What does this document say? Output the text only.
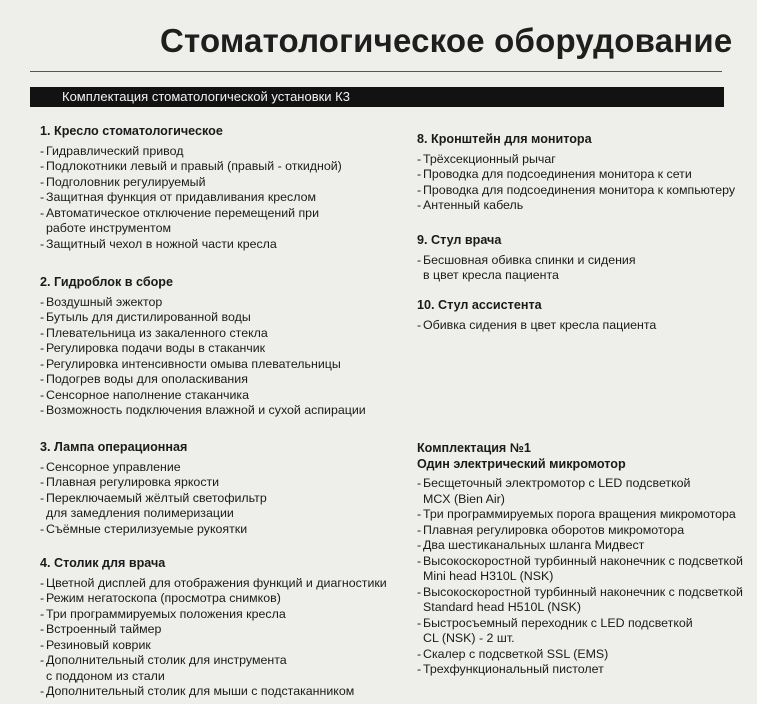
Стоматологическое оборудование
Комплектация стоматологической установки К3
1. Кресло стоматологическое
- Гидравлический привод
- Подлокотники левый и правый (правый - откидной)
- Подголовник регулируемый
- Защитная функция от придавливания креслом
- Автоматическое отключение перемещений при
работе инструментом
- Защитный чехол в ножной части кресла
2. Гидроблок в сборе
- Воздушный эжектор
- Бутыль для дистилированной воды
- Плевательница из закаленного стекла
- Регулировка подачи воды в стаканчик
- Регулировка интенсивности омыва плевательницы
- Подогрев воды для ополаскивания
- Сенсорное наполнение стаканчика
- Возможность подключения влажной и сухой аспирации
3. Лампа операционная
- Сенсорное управление
- Плавная регулировка яркости
- Переключаемый жёлтый светофильтр
для замедления полимеризации
- Съёмные стерилизуемые рукоятки
4. Столик для врача
- Цветной дисплей для отображения функций и диагностики
- Режим негатоскопа (просмотра снимков)
- Три программируемых положения кресла
- Встроенный таймер
- Резиновый коврик
- Дополнительный столик для инструмента
с поддоном из стали
- Дополнительный столик для мыши с подстаканником
8. Кронштейн для монитора
- Трёхсекционный рычаг
- Проводка для подсоединения монитора к сети
- Проводка для подсоединения монитора к компьютеру
- Антенный кабель
9. Стул врача
- Бесшовная обивка спинки и сидения
в цвет кресла пациента
10. Стул ассистента
- Обивка сидения в цвет кресла пациента
Комплектация №1
Один электрический микромотор
- Бесщеточный электромотор с LED подсветкой
MCX (Bien Air)
- Три программируемых порога вращения микромотора
- Плавная регулировка оборотов микромотора
- Два шестиканальных шланга Мидвест
- Высокоскоростной турбинный наконечник с подсветкой
Mini head H310L (NSK)
- Высокоскоростной турбинный наконечник с подсветкой
Standard head H510L (NSK)
- Быстросъемный переходник с LED подсветкой
CL (NSK) - 2 шт.
- Скалер с подсветкой SSL (EMS)
- Трехфункциональный пистолет
